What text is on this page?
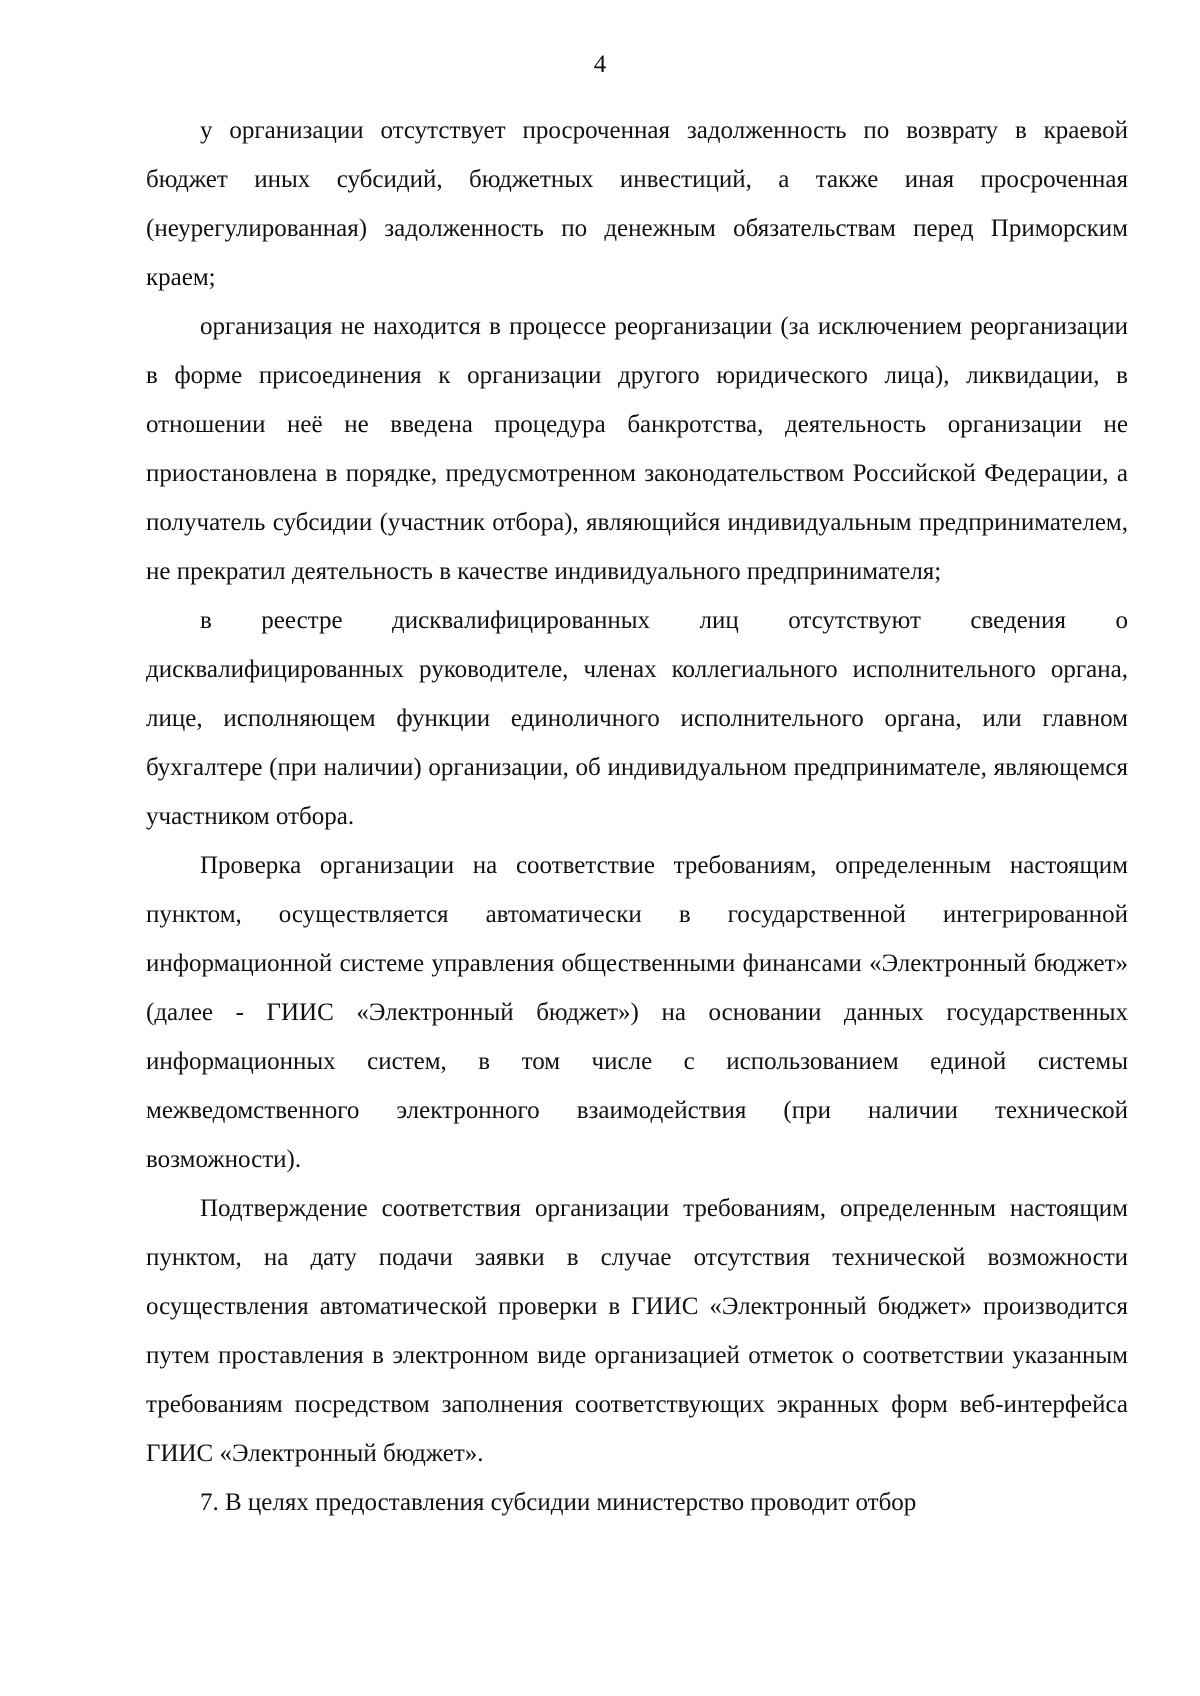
4

у организации отсутствует просроченная задолженность по возврату в краевой бюджет иных субсидий, бюджетных инвестиций, а также иная просроченная (неурегулированная) задолженность по денежным обязательствам перед Приморским краем;

организация не находится в процессе реорганизации (за исключением реорганизации в форме присоединения к организации другого юридического лица), ликвидации, в отношении неё не введена процедура банкротства, деятельность организации не приостановлена в порядке, предусмотренном законодательством Российской Федерации, а получатель субсидии (участник отбора), являющийся индивидуальным предпринимателем, не прекратил деятельность в качестве индивидуального предпринимателя;

в реестре дисквалифицированных лиц отсутствуют сведения о дисквалифицированных руководителе, членах коллегиального исполнительного органа, лице, исполняющем функции единоличного исполнительного органа, или главном бухгалтере (при наличии) организации, об индивидуальном предпринимателе, являющемся участником отбора.

Проверка организации на соответствие требованиям, определенным настоящим пунктом, осуществляется автоматически в государственной интегрированной информационной системе управления общественными финансами «Электронный бюджет» (далее - ГИИС «Электронный бюджет») на основании данных государственных информационных систем, в том числе с использованием единой системы межведомственного электронного взаимодействия (при наличии технической возможности).

Подтверждение соответствия организации требованиям, определенным настоящим пунктом, на дату подачи заявки в случае отсутствия технической возможности осуществления автоматической проверки в ГИИС «Электронный бюджет» производится путем проставления в электронном виде организацией отметок о соответствии указанным требованиям посредством заполнения соответствующих экранных форм веб-интерфейса ГИИС «Электронный бюджет».

7. В целях предоставления субсидии министерство проводит отбор
